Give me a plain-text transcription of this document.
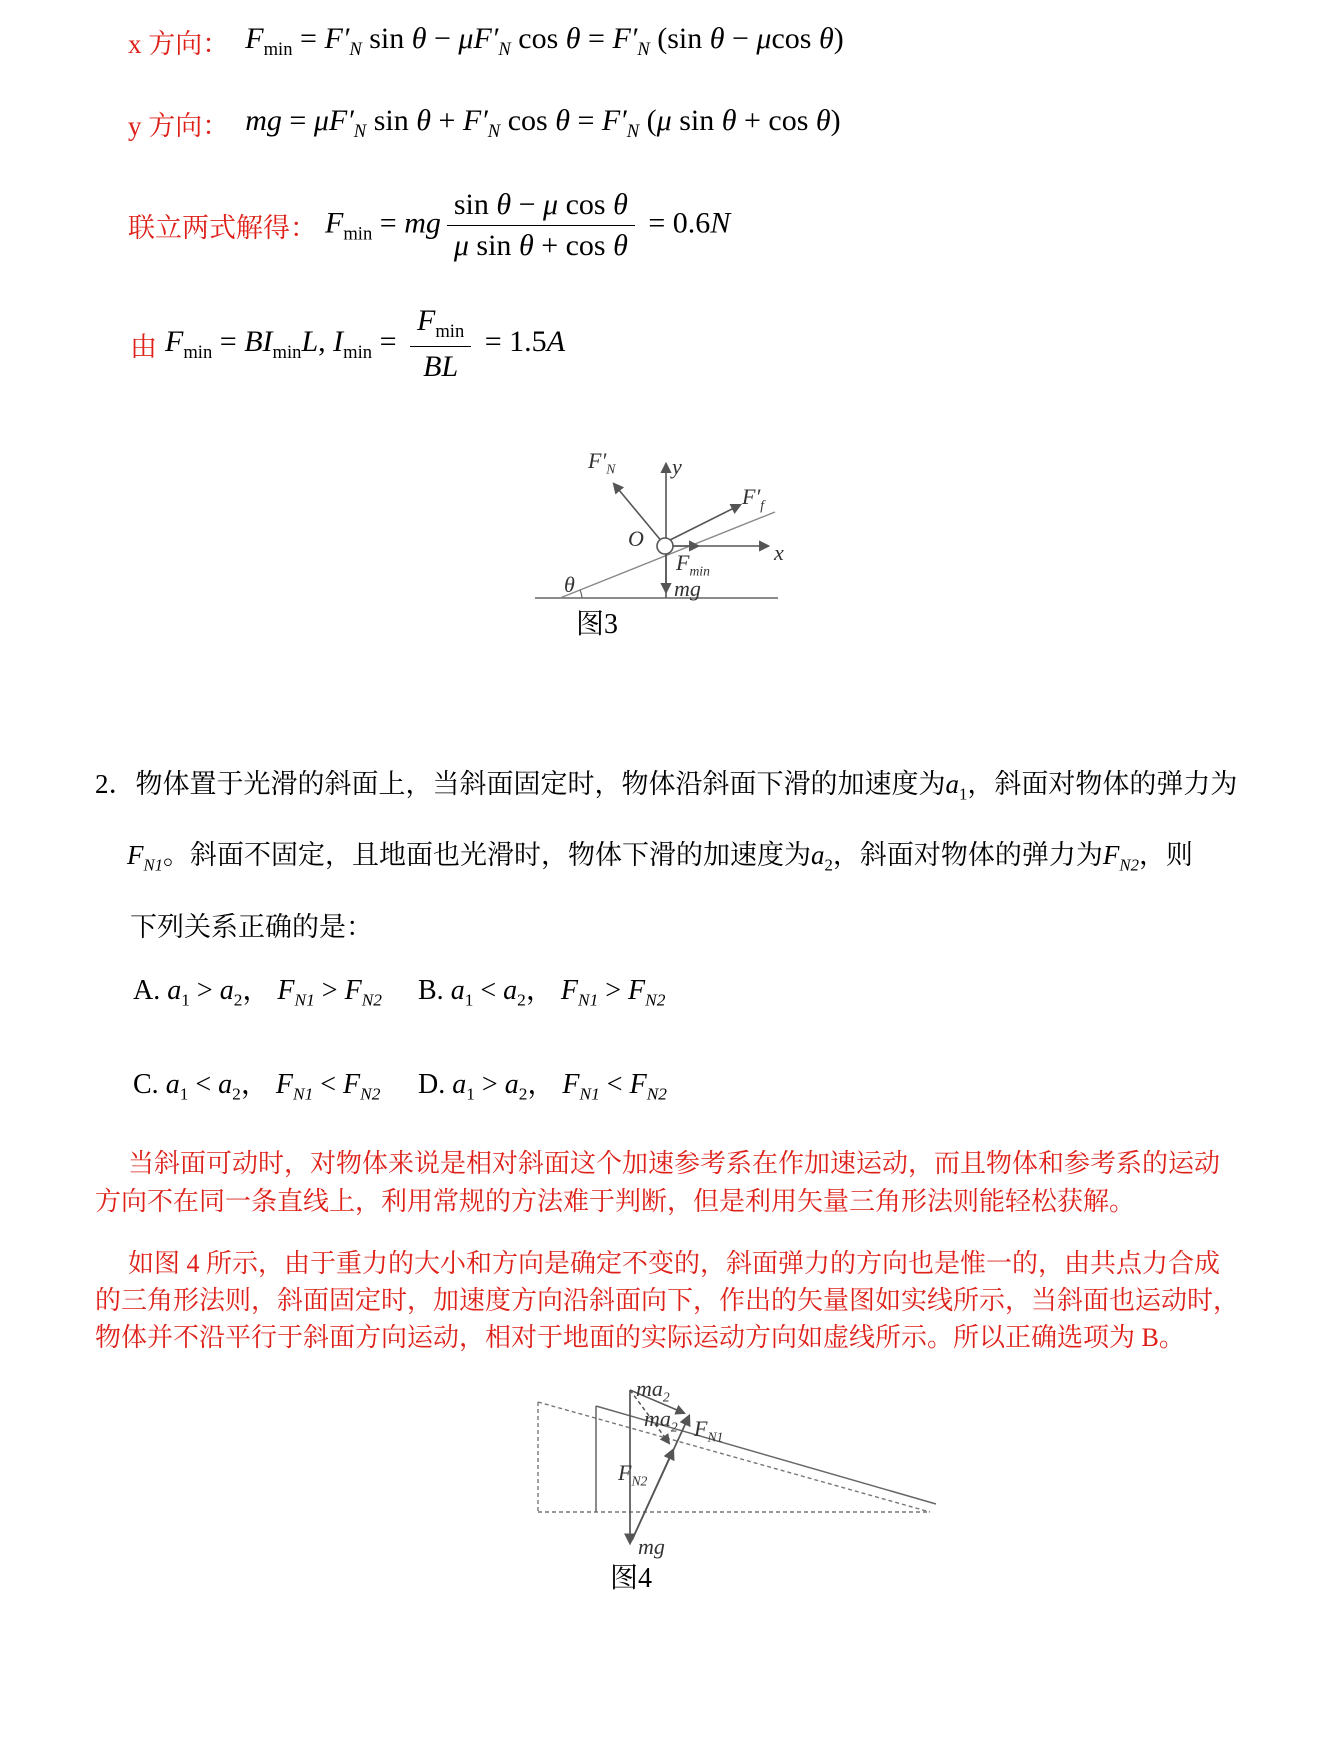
x 方向： $F_{min} = F'_N$ $\sin \theta - \mu F'_N$ $\cos \theta = F'_N$ (sin θ − μcos θ)
y 方向： mg = $\mu F'_N$ $\sin \theta + F'_N$ $\cos \theta = F'_N$ (μ sin θ + cos θ)
联立两式解得： $F_{min}$ = mg $\frac{\text{sin θ − μ cos θ}}{\text{μ sin θ + cos θ}} = 0.6N$
由 $F_{min} = BI_{min}L$, $I_{min} = \frac{F_{min}}{BL} = 1.5A$
$F'_N$	y
$F'_f$
O
$F_{min}$
x
θ	mg
图3
2．物体置于光滑的斜面上，当斜面固定时，物体沿斜面下滑的加速度为$a_1$，斜面对物体的弹力为
$F_{N1}$。斜面不固定，且地面也光滑时，物体下滑的加速度为$a_2$，斜面对物体的弹力为$F_{N2}$，则
下列关系正确的是：
A. $a_1 > a_2$， $F_{N1} > F_{N2}$ B. $a_1 < a_2$， $F_{N1} > F_{N2}$
C. $a_1 < a_2$， $F_{N1} < F_{N2}$ D. $a_1 > a_2$， $F_{N1} < F_{N2}$
当斜面可动时，对物体来说是相对斜面这个加速参考系在作加速运动，而且物体和参考系的运动
方向不在同一条直线上，利用常规的方法难于判断，但是利用矢量三角形法则能轻松获解。
如图 4 所示，由于重力的大小和方向是确定不变的，斜面弹力的方向也是惟一的，由共点力合成
的三角形法则，斜面固定时，加速度方向沿斜面向下，作出的矢量图如实线所示，当斜面也运动时，
物体并不沿平行于斜面方向运动，相对于地面的实际运动方向如虚线所示。所以正确选项为 B。
$ma_2$
$ma_2$ $F_{N1}$
$F_{N2}$
mg
图4
